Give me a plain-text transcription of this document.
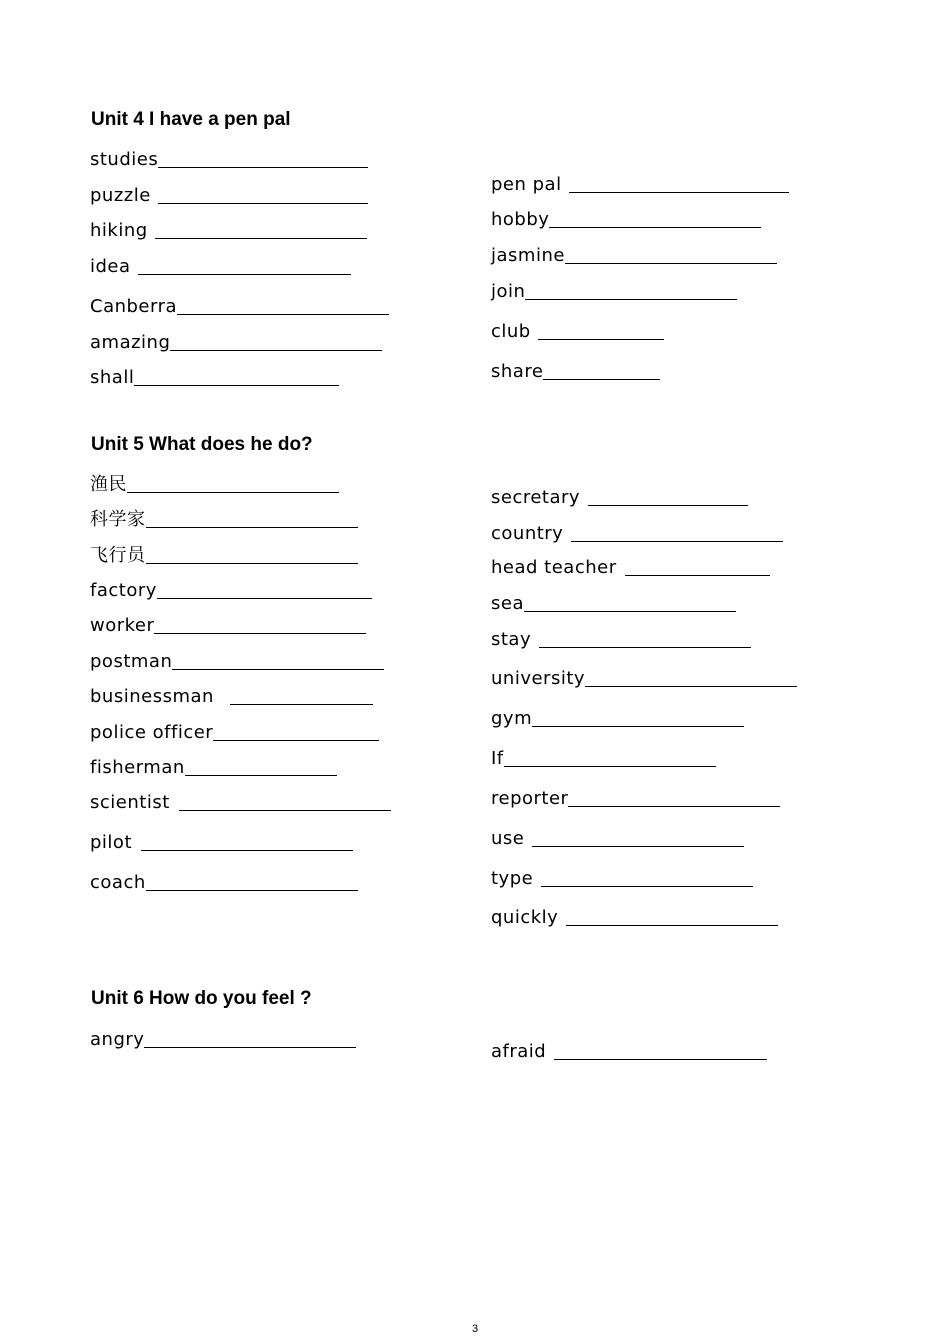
Unit 4 I have a pen pal
studies
puzzle
hiking
idea
Canberra
amazing
shall
pen pal
hobby
jasmine
join
club
share
Unit 5 What does he do?
渔民
科学家
飞行员
factory
worker
postman
businessman
police officer
fisherman
scientist
pilot
coach
secretary
country
head teacher
sea
stay
university
gym
If
reporter
use
type
quickly
Unit 6 How do you feel ?
angry
afraid
3
